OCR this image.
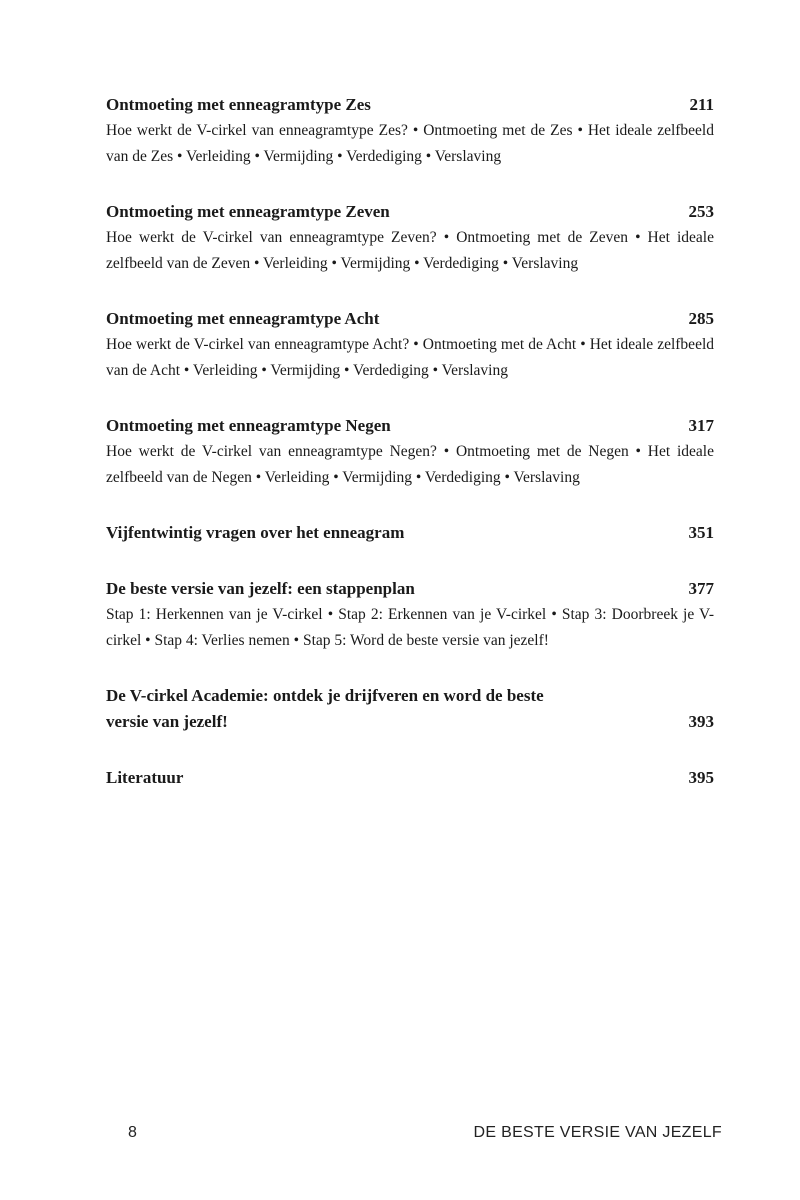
Ontmoeting met enneagramtype Zes	211

Hoe werkt de V-cirkel van enneagramtype Zes? • Ontmoeting met de Zes • Het ideale zelfbeeld van de Zes • Verleiding • Vermijding • Verdediging • Verslaving

Ontmoeting met enneagramtype Zeven	253

Hoe werkt de V-cirkel van enneagramtype Zeven? • Ontmoeting met de Zeven • Het ideale zelfbeeld van de Zeven • Verleiding • Vermijding • Verdediging • Verslaving

Ontmoeting met enneagramtype Acht	285

Hoe werkt de V-cirkel van enneagramtype Acht? • Ontmoeting met de Acht • Het ideale zelfbeeld van de Acht • Verleiding • Vermijding • Verdediging • Verslaving

Ontmoeting met enneagramtype Negen	317

Hoe werkt de V-cirkel van enneagramtype Negen? • Ontmoeting met de Negen • Het ideale zelfbeeld van de Negen • Verleiding • Vermijding • Verdediging • Verslaving

Vijfentwintig vragen over het enneagram	351
De beste versie van jezelf: een stappenplan	377

Stap 1: Herkennen van je V-cirkel • Stap 2: Erkennen van je V-cirkel • Stap 3: Doorbreek je V-cirkel • Stap 4: Verlies nemen • Stap 5: Word de beste versie van jezelf!

De V-cirkel Academie: ontdek je drijfveren en word de beste versie van jezelf!	393
Literatuur	395
8	DE BESTE VERSIE VAN JEZELF
